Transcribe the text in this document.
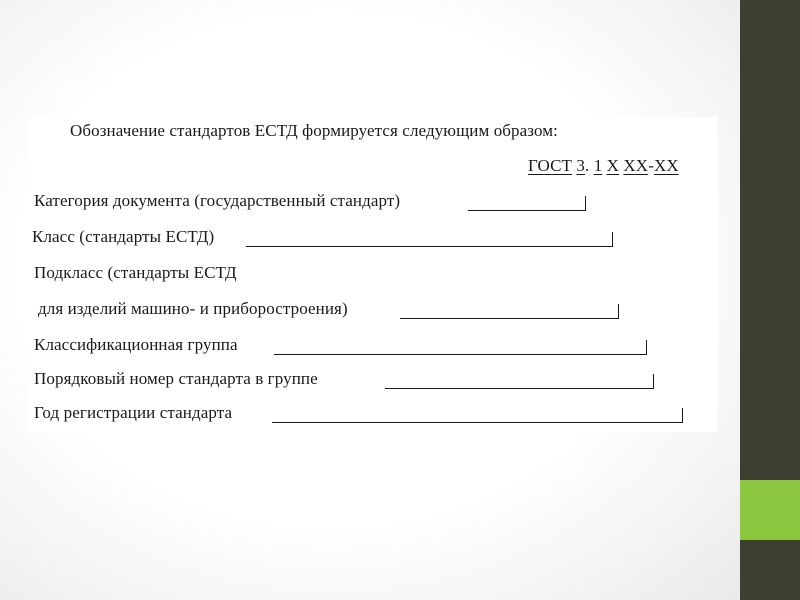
Обозначение стандартов ЕСТД формируется следующим образом:
ГОСТ 3. 1 Х ХХ-ХХ
Категория документа (государственный стандарт)
Класс (стандарты ЕСТД)
Подкласс (стандарты ЕСТД
для изделий машино- и приборостроения)
Классификационная группа
Порядковый номер стандарта в группе
Год регистрации стандарта
